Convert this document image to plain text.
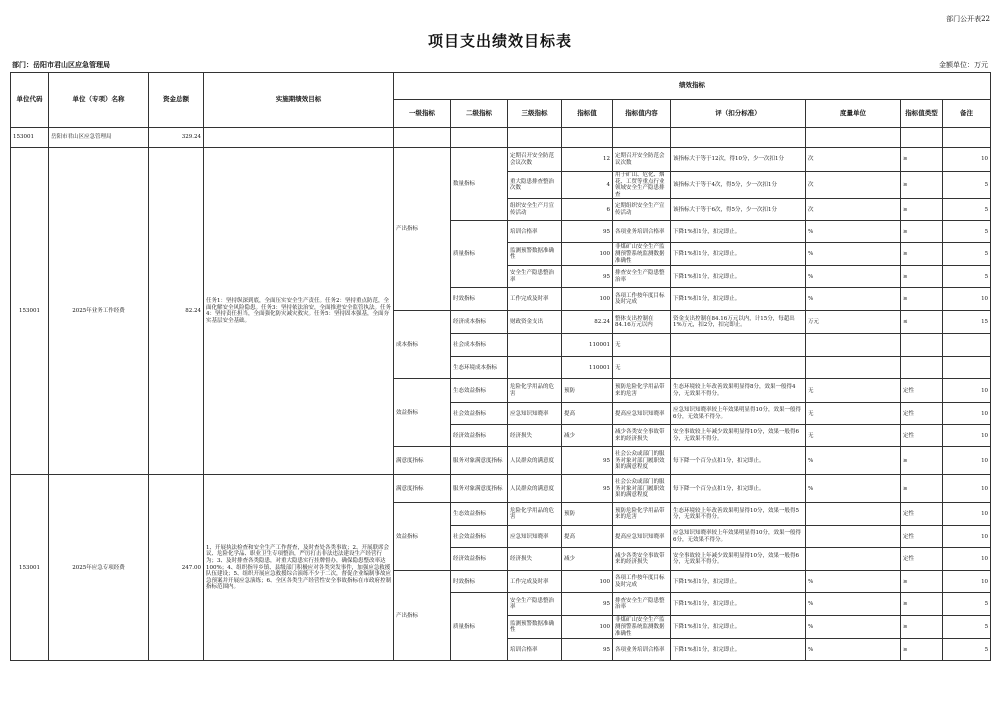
部门公开表22
项目支出绩效目标表
部门：岳阳市君山区应急管理局	金额单位：万元
单位代码	单位（专项）名称	资金总额	实施期绩效目标	绩效指标								
				一级指标	二级指标	三级指标	指标值	指标值内容	评（扣分标准）	度量单位	指标值类型	备注
153001	岳阳市君山区应急管理局	329.24										
153001	2025年业务工作经费	82.24	任务1：坚持纵深到底，全面压实安全生产责任。任务2：坚持重点防范，全面化解安全风险隐患。任务3：坚持依法治安，全面推进安全监管执法。任务4：坚持责任担当，全面强化防灾减灾救灾。任务5：坚持固本强基，全面夯实基层安全基础。	产出指标	数量指标	定期召开安全防范会议次数	12	定期召开安全防范会议次数	该指标大于等于12次，得10分，少一次扣1分	次	≥	10
						重大隐患排查整治次数	4	用于矿山、危化、烟花、工贸等重点行业领域安全生产隐患排查	该指标大于等于4次，得5分，少一次扣1分	次	≥	5
						组织安全生产月宣传活动	6	定期组织安全生产宣传活动	该指标大于等于6次，得5分，少一次扣1分	次	≥	5
					质量指标	培训合格率	95	各项业务培训合格率	下降1%扣1分，扣完即止。	%	≥	5
						监测预警数据准确性	100	非煤矿山安全生产监测预警系统监测数据准确性	下降1%扣1分，扣完即止。	%	≥	5
						安全生产隐患整治率	95	排查安全生产隐患整治率	下降1%扣1分，扣完即止。	%	≥	5
					时效指标	工作完成及时率	100	各项工作按年度目标及时完成	下降1%扣1分，扣完即止。	%	≥	10
				成本指标	经济成本指标	财政资金支出	82.24	整体支出控制在84.16万元以内	资金支出控制在84.16万元以内，计15分，每超出1%万元，扣2分，扣完即止。	万元	≤	15
					社会成本指标		110001	无				
					生态环境成本指标		110001	无				
				效益指标	生态效益指标	危险化学用品的危害	预防	预防危险化学用品带来的危害	生态环境较上年改善效果明显得8分，效果一般得4分，无效果不得分。	无	定性	10
					社会效益指标	应急知识知晓率	提高	提高应急知识知晓率	应急知识知晓率较上年效果明显得10分，效果一般得6分，无效果不得分。	无	定性	10
					经济效益指标	经济损失	减少	减少各类安全事故带来的经济损失	安全事故较上年减少效果明显得10分，效果一般得6分，无效果不得分。	无	定性	10
				满意度指标	服务对象满意度指标	人民群众的满意度	95	社会公众或部门的服务对象对部门履职效果的满意程度	每下降一个百分点扣1分，扣完即止。	%	≥	10
153001	2025年应急专项经费	247.00	1、开展执法检查和安全生产工作督查，及时查处各类事故；2、开展联席会议、危险化学品、职业卫生专项整治，严厉打击非法违法建设生产经营行为；3、及时排查各类隐患，对重大隐患实行挂牌督办，确保隐患整改率达100%；4、组织指导乡镇、县级部门积极应对各类突发事件，加强应急救援队伍建设；5、组织开展应急救援综合演练不少于二次，督促企业编制事故应急预案并开展应急演练；6、全区各类生产经营性安全事故指标在市政府控制指标范围内。	满意度指标	服务对象满意度指标	人民群众的满意度	95	社会公众或部门的服务对象对部门履职效果的满意程度	每下降一个百分点扣1分，扣完即止。	%	≥	10
				效益指标	生态效益指标	危险化学用品的危害	预防	预防危险化学用品带来的危害	生态环境较上年改善效果明显得10分，效果一般得5分，无效果不得分。		定性	10
					社会效益指标	应急知识知晓率	提高	提高应急知识知晓率	应急知识知晓率较上年效果明显得10分，效果一般得6分，无效果不得分。		定性	10
					经济效益指标	经济损失	减少	减少各类安全事故带来的经济损失	安全事故较上年减少效果明显得10分，效果一般得6分，无效果不得分。		定性	10
				产出指标	时效指标	工作完成及时率	100	各项工作按年度目标及时完成	下降1%扣1分，扣完即止。	%	≥	10
					质量指标	安全生产隐患整治率	95	排查安全生产隐患整治率	下降1%扣1分，扣完即止。	%	≥	5
						监测预警数据准确性	100	非煤矿山安全生产监测预警系统监测数据准确性	下降1%扣1分，扣完即止。	%	≥	5
						培训合格率	95	各项业务培训合格率	下降1%扣1分，扣完即止。	%	≥	5
